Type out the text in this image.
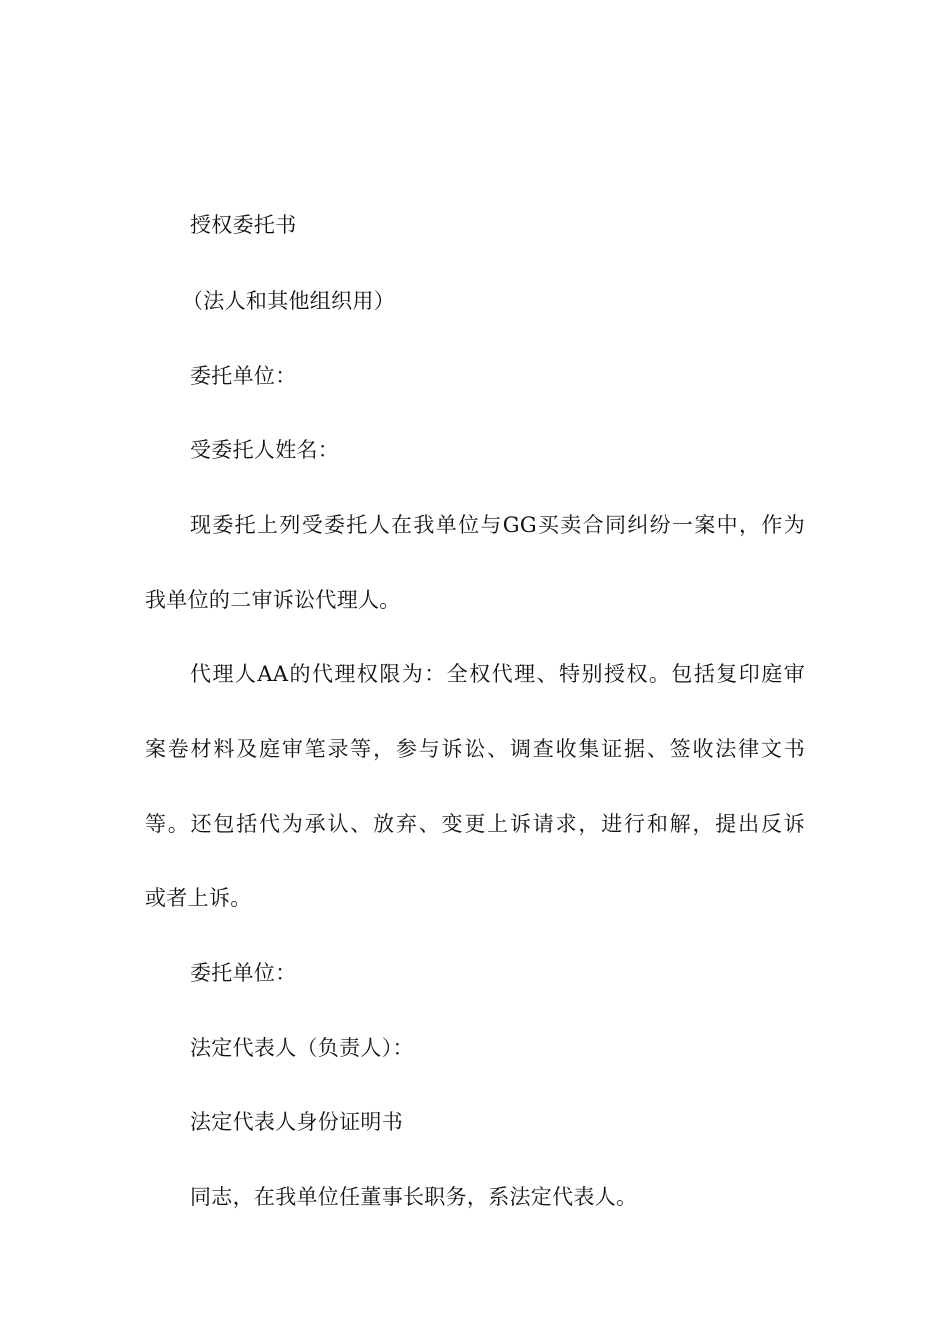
授权委托书

（法人和其他组织用）

委托单位：

受委托人姓名：

现委托上列受委托人在我单位与GG买卖合同纠纷一案中，作为

我单位的二审诉讼代理人。

代理人AA的代理权限为：全权代理、特别授权。包括复印庭审

案卷材料及庭审笔录等，参与诉讼、调查收集证据、签收法律文书

等。还包括代为承认、放弃、变更上诉请求，进行和解，提出反诉

或者上诉。

委托单位：

法定代表人（负责人）：

法定代表人身份证明书

同志，在我单位任董事长职务，系法定代表人。
